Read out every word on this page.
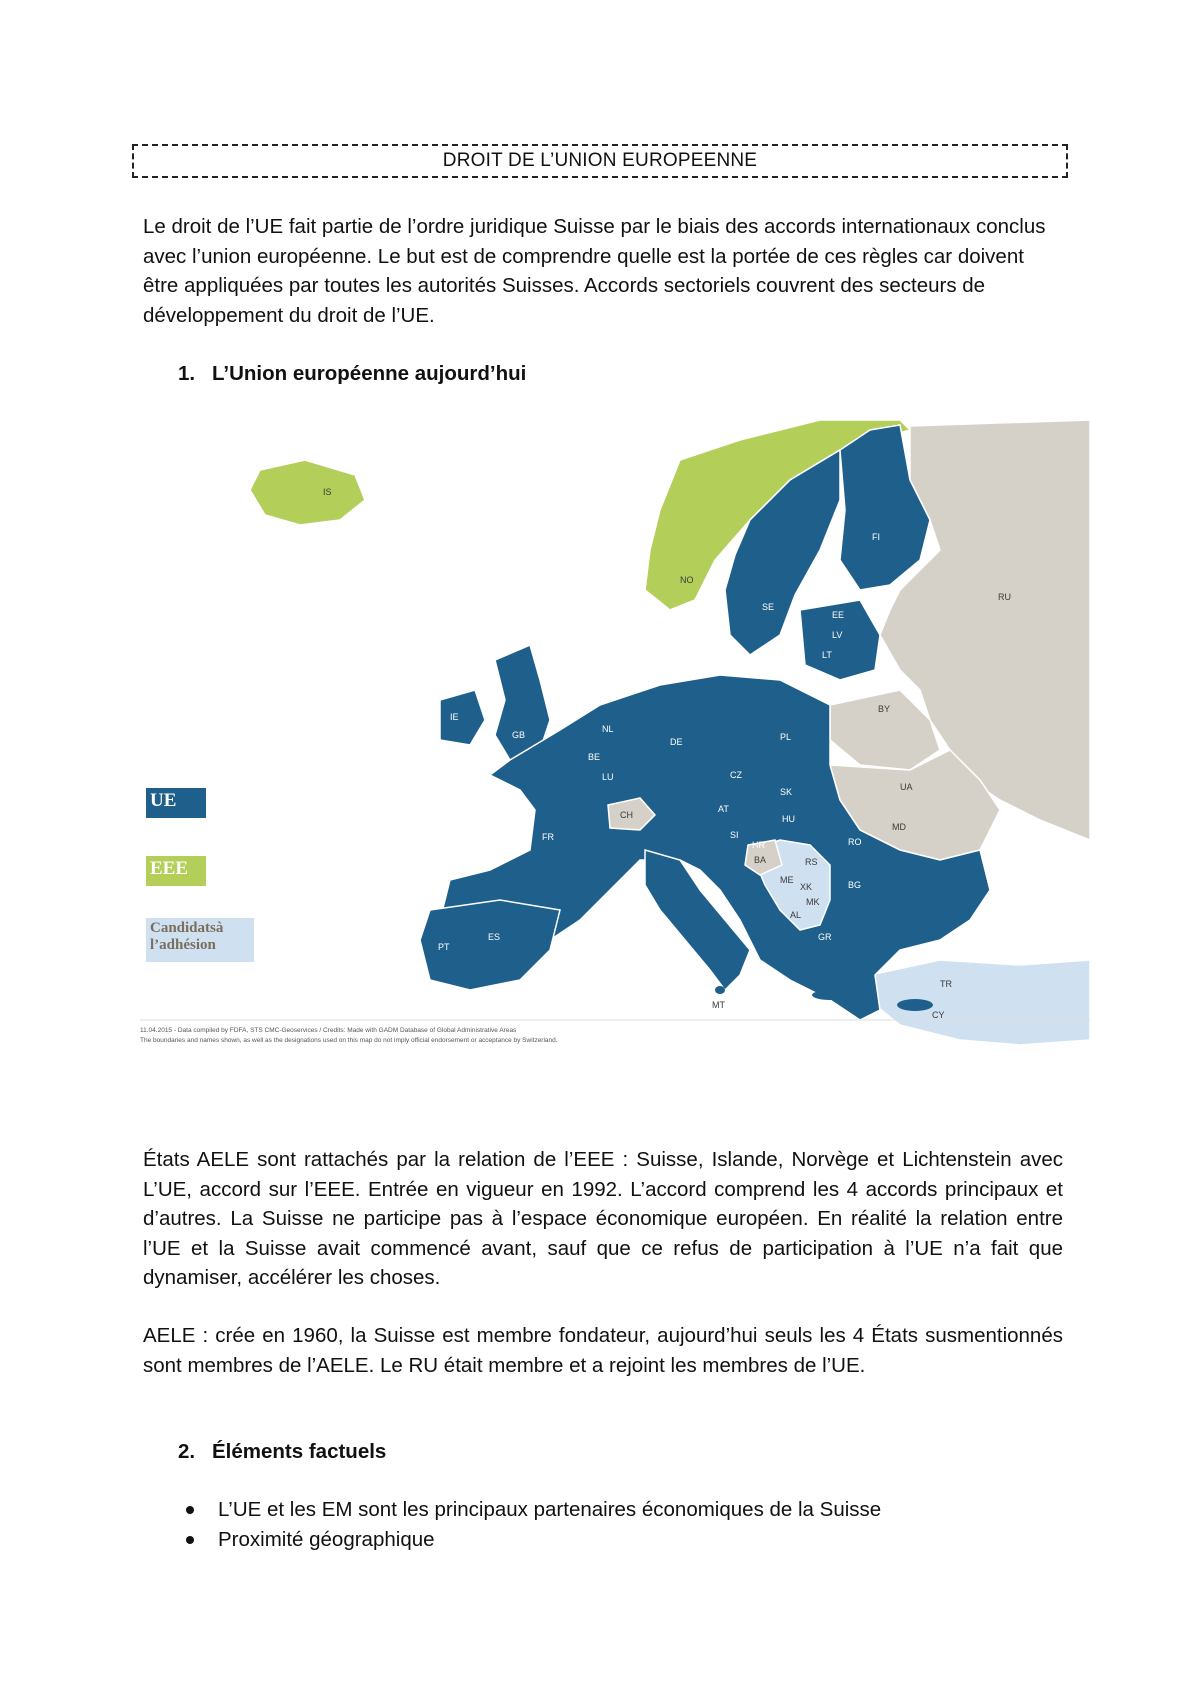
DROIT DE L’UNION EUROPEENNE

Le droit de l’UE fait partie de l’ordre juridique Suisse par le biais des accords internationaux conclus avec l’union européenne. Le but est de comprendre quelle est la portée de ces règles car doivent être appliquées par toutes les autorités Suisses. Accords sectoriels couvrent des secteurs de développement du droit de l’UE.

1. L’Union européenne aujourd’hui
IS
NO
SE
FI
RU
EE
LV
LT
DK
BY
IE
GB
NL
BE
LU
DE	PL
CZ
SK	UA
FR
CH
AT
HU
MD
SI
HR	RO
BA	RS
ME
XK	BG
MK
AL
IT
GR
TR
PT
ES
MT
CY
11.04.2015 - Data compiled by FDFA, STS CMC-Geoservices / Credits: Made with GADM Database of Global Administrative Areas
The boundaries and names shown, as well as the designations used on this map do not imply official endorsement or acceptance by Switzerland.
UE
EEE
Candidatsà
l’adhésion

États AELE sont rattachés par la relation de l’EEE : Suisse, Islande, Norvège et Lichtenstein avec L’UE, accord sur l’EEE. Entrée en vigueur en 1992. L’accord comprend les 4 accords principaux et d’autres. La Suisse ne participe pas à l’espace économique européen. En réalité la relation entre l’UE et la Suisse avait commencé avant, sauf que ce refus de participation à l’UE n’a fait que dynamiser, accélérer les choses.

AELE : crée en 1960, la Suisse est membre fondateur, aujourd’hui seuls les 4 États susmentionnés sont membres de l’AELE. Le RU était membre et a rejoint les membres de l’UE.

2. Éléments factuels
L’UE et les EM sont les principaux partenaires économiques de la Suisse
Proximité géographique
